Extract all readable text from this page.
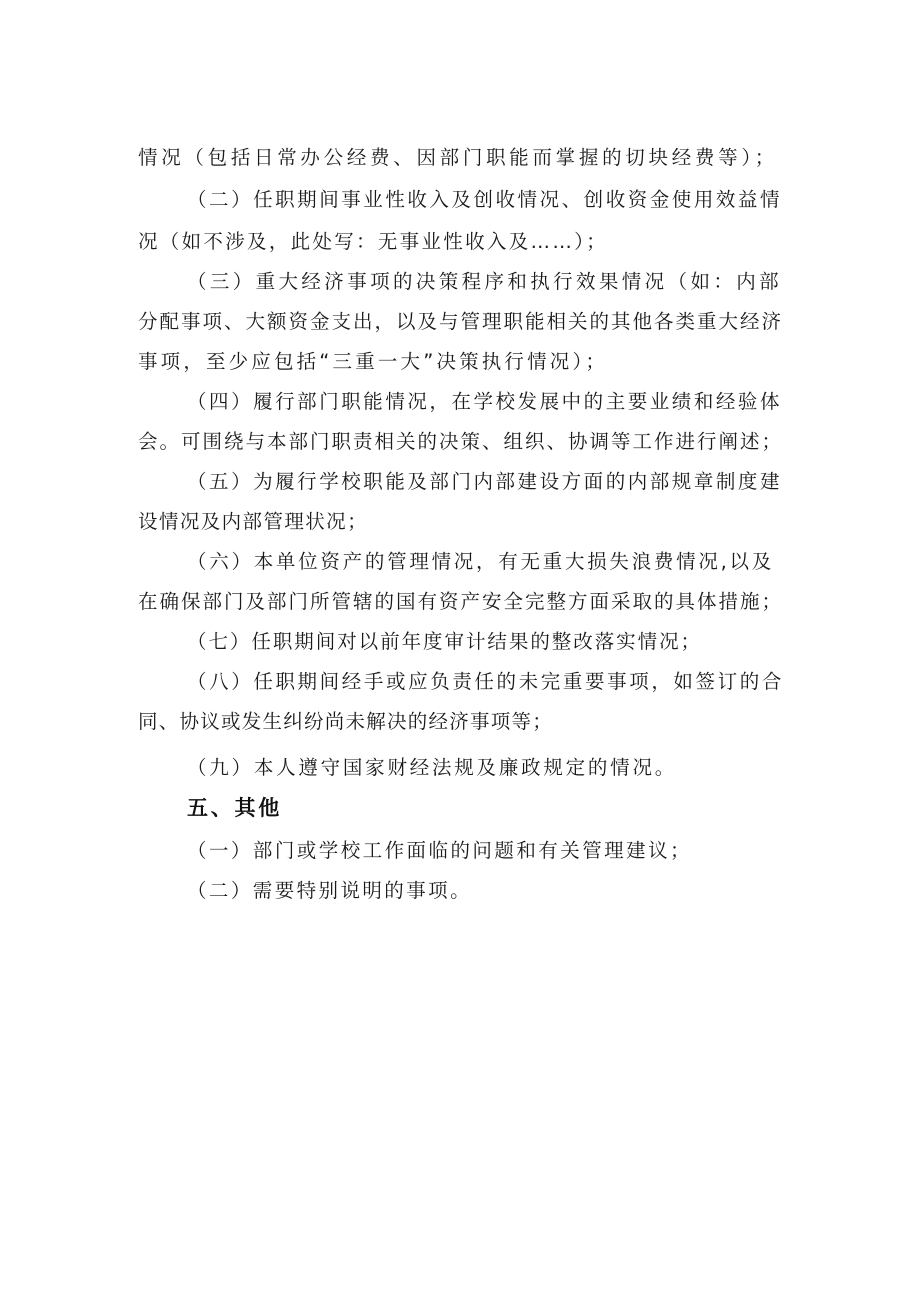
情况（包括日常办公经费、因部门职能而掌握的切块经费等）；
（二）任职期间事业性收入及创收情况、创收资金使用效益情
况（如不涉及，此处写：无事业性收入及……）；
（三）重大经济事项的决策程序和执行效果情况（如：内部
分配事项、大额资金支出，以及与管理职能相关的其他各类重大经济
事项，至少应包括“三重一大”决策执行情况）；
（四）履行部门职能情况，在学校发展中的主要业绩和经验体
会。可围绕与本部门职责相关的决策、组织、协调等工作进行阐述；
（五）为履行学校职能及部门内部建设方面的内部规章制度建
设情况及内部管理状况；
（六）本单位资产的管理情况，有无重大损失浪费情况,以及
在确保部门及部门所管辖的国有资产安全完整方面采取的具体措施；
（七）任职期间对以前年度审计结果的整改落实情况；
（八）任职期间经手或应负责任的未完重要事项，如签订的合
同、协议或发生纠纷尚未解决的经济事项等；
（九）本人遵守国家财经法规及廉政规定的情况。
五、其他
（一）部门或学校工作面临的问题和有关管理建议；
（二）需要特别说明的事项。
